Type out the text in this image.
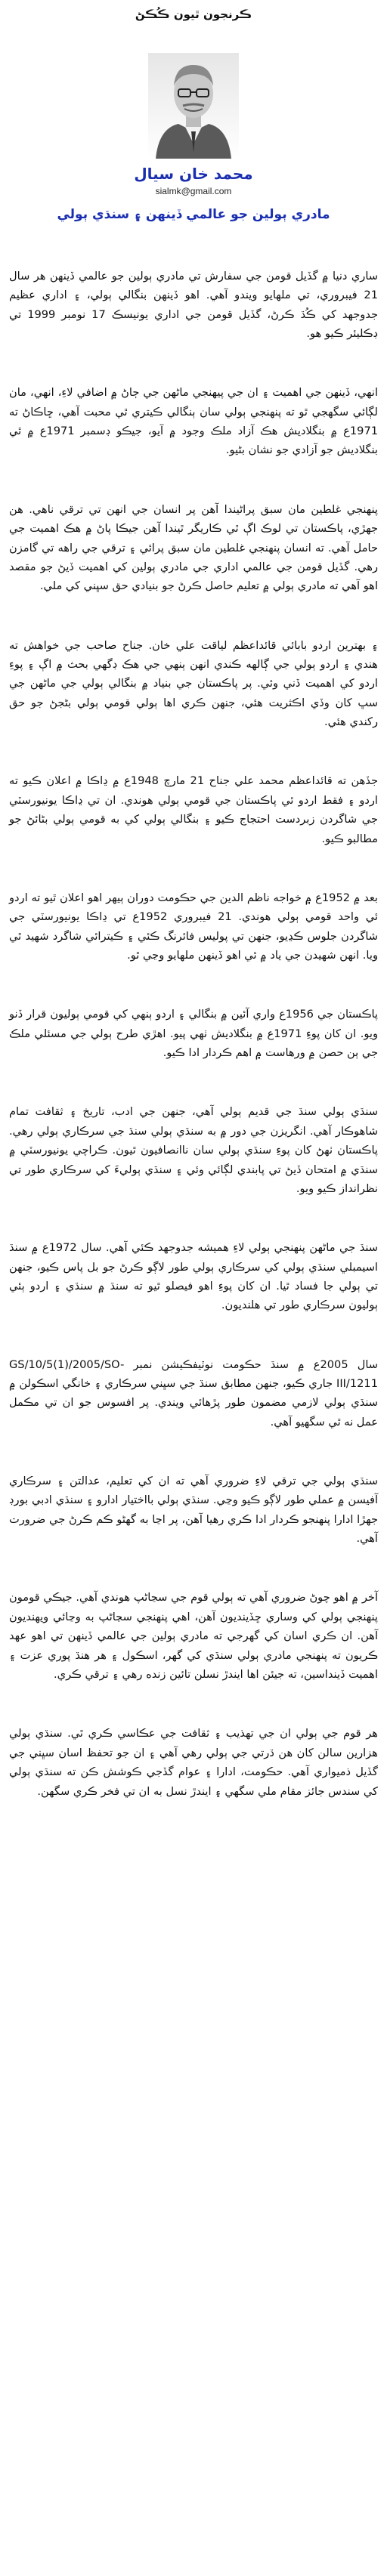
ڪرنجون ٿيون ڪُڪڻ
محمد خان سيال
sialmk@gmail.com
مادري ٻولين جو عالمي ڏينهن ۽ سنڌي ٻولي

ساري دنيا ۾ گڏيل قومن جي سفارش تي مادري ٻولين جو عالمي ڏينهن هر سال 21 فيبروري، تي ملهايو ويندو آهي. اهو ڏينهن بنگالي ٻولي، ۽ اداري عظيم جدوجهد کي ڪُڌ ڪرڻ، گڏيل قومن جي اداري يونيسڪ 17 نومبر 1999 تي ڊڪليئر ڪيو هو.

انهي، ڏينهن جي اهميت ۽ ان جي پيهنجي ماڻهن جي ڄاڻ ۾ اضافي لاءِ، انهي، مان لڳائي سگهجي ٿو ته پنهنجي ٻولي سان ٻنگالي ڪيتري ٿي محبت آهي، ڇاڪاڻ ته 1971ع ۾ بنگلاديش هڪ آزاد ملڪ وجود ۾ آيو، جيڪو ڊسمبر 1971ع ۾ ٿي بنگلاديش جو آزادي جو نشان بڻيو.

پنهنجي غلطين مان سبق پراڻيندا آهن پر انسان جي انهن تي ترقي ناهي. هن جهڙي، پاڪستان تي لوڪ اڳ ٿي ڪاريگر ٿيندا آهن جيڪا پاڻ ۾ هڪ اهميت جي حامل آهي. ته انسان پنهنجي غلطين مان سبق پرائي ۽ ترقي جي راهه تي گامزن رهي. گڏيل قومن جي عالمي اداري جي مادري ٻولين کي اهميت ڏيڻ جو مقصد اهو آهي ته مادري ٻولي ۾ تعليم حاصل ڪرڻ جو بنيادي حق سڀني کي ملي.

۽ بهترين اردو بابائي قائداعظم لياقت علي خان. جناح صاحب جي خواهش ته هندي ۽ اردو ٻولي جي ڳالهه ڪندي انهن ٻنهي جي هڪ ڊگهي بحث ۾ اڳ ۽ پوءِ اردو کي اهميت ڏني وئي. پر پاڪستان جي بنياد ۾ بنگالي ٻولي جي ماڻهن جي سڀ کان وڏي اڪثريت هئي، جنهن ڪري اها ٻولي قومي ٻولي بڻجڻ جو حق رکندي هئي.

جڏهن ته قائداعظم محمد علي جناح 21 مارچ 1948ع ۾ ڍاڪا ۾ اعلان ڪيو ته اردو ۽ فقط اردو ئي پاڪستان جي قومي ٻولي هوندي. ان تي ڍاڪا يونيورسٽي جي شاگردن زبردست احتجاج ڪيو ۽ بنگالي ٻولي کي به قومي ٻولي بڻائڻ جو مطالبو ڪيو.

بعد ۾ 1952ع ۾ خواجه ناظم الدين جي حڪومت دوران ٻيهر اهو اعلان ٿيو ته اردو ئي واحد قومي ٻولي هوندي. 21 فيبروري 1952ع تي ڍاڪا يونيورسٽي جي شاگردن جلوس ڪڍيو، جنهن تي پوليس فائرنگ ڪئي ۽ ڪيترائي شاگرد شهيد ٿي ويا. انهن شهيدن جي ياد ۾ ئي اهو ڏينهن ملهايو وڃي ٿو.

پاڪستان جي 1956ع واري آئين ۾ بنگالي ۽ اردو ٻنهي کي قومي ٻوليون قرار ڏنو ويو. ان کان پوءِ 1971ع ۾ بنگلاديش ٺهي پيو. اهڙي طرح ٻولي جي مسئلي ملڪ جي ٻن حصن ۾ ورهاست ۾ اهم ڪردار ادا ڪيو.

سنڌي ٻولي سنڌ جي قديم ٻولي آهي، جنهن جي ادب، تاريخ ۽ ثقافت تمام شاهوڪار آهي. انگريزن جي دور ۾ به سنڌي ٻولي سنڌ جي سرڪاري ٻولي رهي. پاڪستان ٺهڻ کان پوءِ سنڌي ٻولي سان ناانصافيون ٿيون. ڪراچي يونيورسٽي ۾ سنڌي ۾ امتحان ڏيڻ تي پابندي لڳائي وئي ۽ سنڌي ٻوليءَ کي سرڪاري طور تي نظرانداز ڪيو ويو.

سنڌ جي ماڻهن پنهنجي ٻولي لاءِ هميشه جدوجهد ڪئي آهي. سال 1972ع ۾ سنڌ اسيمبلي سنڌي ٻولي کي سرڪاري ٻولي طور لاڳو ڪرڻ جو بل پاس ڪيو، جنهن تي ٻولي جا فساد ٿيا. ان کان پوءِ اهو فيصلو ٿيو ته سنڌ ۾ سنڌي ۽ اردو ٻئي ٻوليون سرڪاري طور تي هلنديون.

سال 2005ع ۾ سنڌ حڪومت نوٽيفڪيشن نمبر GS/10/5(1)/2005/SO-III/1211 جاري ڪيو، جنهن مطابق سنڌ جي سڀني سرڪاري ۽ خانگي اسڪولن ۾ سنڌي ٻولي لازمي مضمون طور پڙهائي ويندي. پر افسوس جو ان تي مڪمل عمل نه ٿي سگهيو آهي.

سنڌي ٻولي جي ترقي لاءِ ضروري آهي ته ان کي تعليم، عدالتن ۽ سرڪاري آفيسن ۾ عملي طور لاڳو ڪيو وڃي. سنڌي ٻولي بااختيار ادارو ۽ سنڌي ادبي بورڊ جهڙا ادارا پنهنجو ڪردار ادا ڪري رهيا آهن، پر اڃا به گهڻو ڪم ڪرڻ جي ضرورت آهي.

آخر ۾ اهو چوڻ ضروري آهي ته ٻولي قوم جي سڃاڻپ هوندي آهي. جيڪي قومون پنهنجي ٻولي کي وساري ڇڏينديون آهن، اهي پنهنجي سڃاڻپ به وڃائي ويهنديون آهن. ان ڪري اسان کي گهرجي ته مادري ٻولين جي عالمي ڏينهن تي اهو عهد ڪريون ته پنهنجي مادري ٻولي سنڌي کي گهر، اسڪول ۽ هر هنڌ پوري عزت ۽ اهميت ڏينداسين، ته جيئن اها ايندڙ نسلن تائين زنده رهي ۽ ترقي ڪري.

هر قوم جي ٻولي ان جي تهذيب ۽ ثقافت جي عڪاسي ڪري ٿي. سنڌي ٻولي هزارين سالن کان هن ڌرتي جي ٻولي رهي آهي ۽ ان جو تحفظ اسان سڀني جي گڏيل ذميواري آهي. حڪومت، ادارا ۽ عوام گڏجي ڪوشش ڪن ته سنڌي ٻولي کي سندس جائز مقام ملي سگهي ۽ ايندڙ نسل به ان تي فخر ڪري سگهن.
